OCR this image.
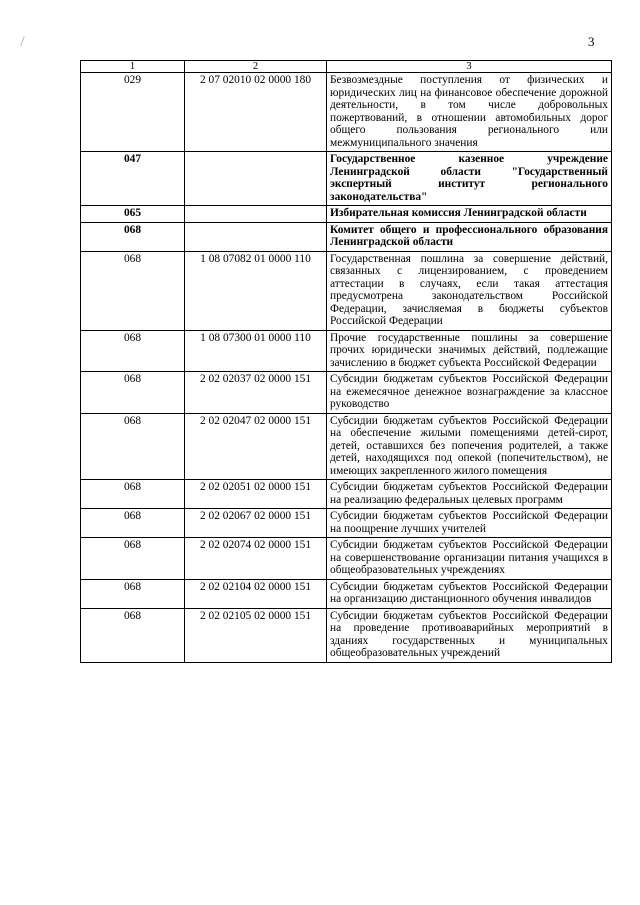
3
1	2	3
029	2 07 02010 02 0000 180	Безвозмездные поступления от физических и юридических лиц на финансовое обеспечение дорожной деятельности, в том числе добровольных пожертвований, в отношении автомобильных дорог общего пользования регионального или межмуниципального значения
047		Государственное казенное учреждение Ленинградской области "Государственный экспертный институт регионального законодательства"
065		Избирательная комиссия Ленинградской области
068		Комитет общего и профессионального образования Ленинградской области
068	1 08 07082 01 0000 110	Государственная пошлина за совершение действий, связанных с лицензированием, с проведением аттестации в случаях, если такая аттестация предусмотрена законодательством Российской Федерации, зачисляемая в бюджеты субъектов Российской Федерации
068	1 08 07300 01 0000 110	Прочие государственные пошлины за совершение прочих юридически значимых действий, подлежащие зачислению в бюджет субъекта Российской Федерации
068	2 02 02037 02 0000 151	Субсидии бюджетам субъектов Российской Федерации на ежемесячное денежное вознаграждение за классное руководство
068	2 02 02047 02 0000 151	Субсидии бюджетам субъектов Российской Федерации на обеспечение жилыми помещениями детей-сирот, детей, оставшихся без попечения родителей, а также детей, находящихся под опекой (попечительством), не имеющих закрепленного жилого помещения
068	2 02 02051 02 0000 151	Субсидии бюджетам субъектов Российской Федерации на реализацию федеральных целевых программ
068	2 02 02067 02 0000 151	Субсидии бюджетам субъектов Российской Федерации на поощрение лучших учителей
068	2 02 02074 02 0000 151	Субсидии бюджетам субъектов Российской Федерации на совершенствование организации питания учащихся в общеобразовательных учреждениях
068	2 02 02104 02 0000 151	Субсидии бюджетам субъектов Российской Федерации на организацию дистанционного обучения инвалидов
068	2 02 02105 02 0000 151	Субсидии бюджетам субъектов Российской Федерации на проведение противоаварийных мероприятий в зданиях государственных и муниципальных общеобразовательных учреждений
